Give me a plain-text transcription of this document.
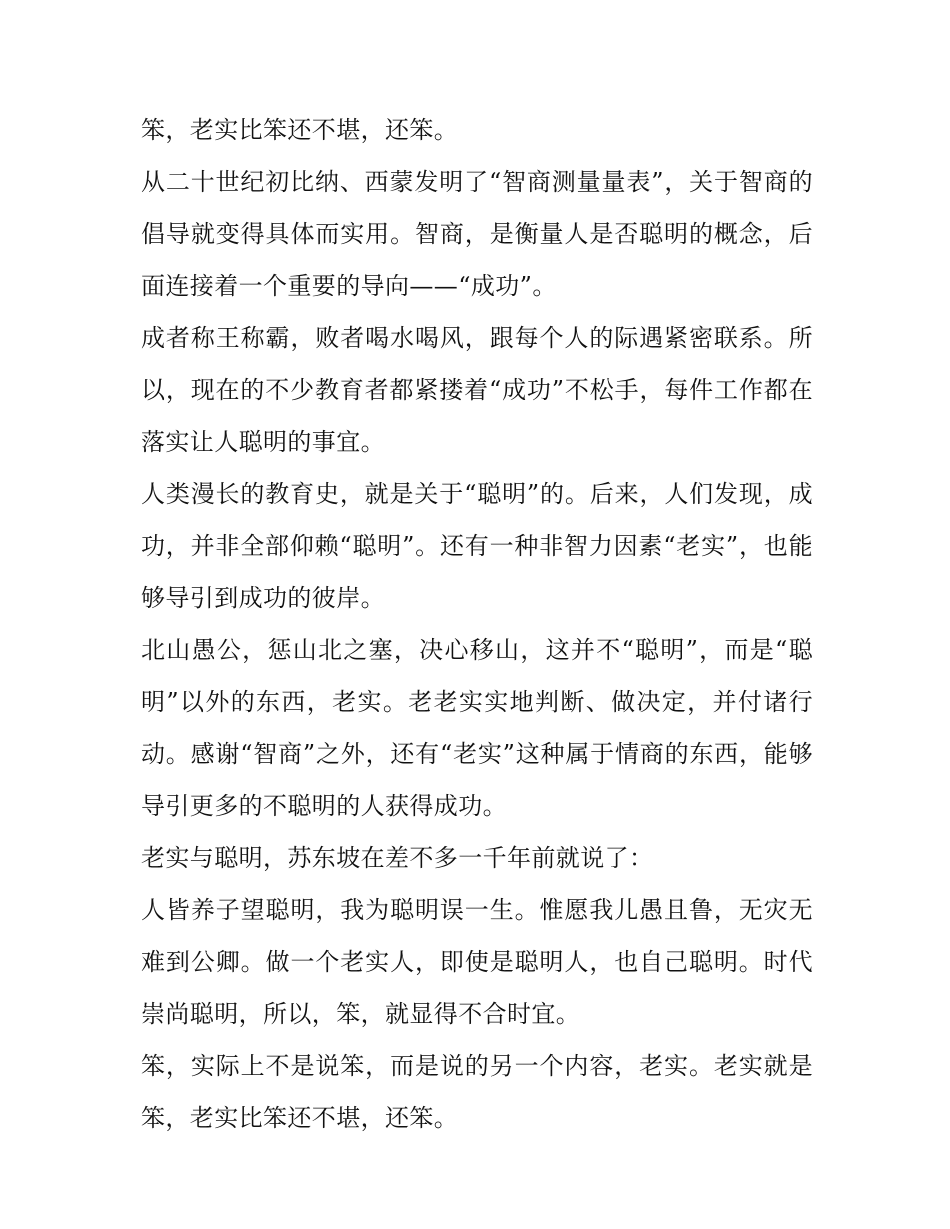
笨，老实比笨还不堪，还笨。

从二十世纪初比纳、西蒙发明了“智商测量量表”，关于智商的倡导就变得具体而实用。智商，是衡量人是否聪明的概念，后面连接着一个重要的导向——“成功”。

成者称王称霸，败者喝水喝风，跟每个人的际遇紧密联系。所以，现在的不少教育者都紧搂着“成功”不松手，每件工作都在落实让人聪明的事宜。

人类漫长的教育史，就是关于“聪明”的。后来，人们发现，成功，并非全部仰赖“聪明”。还有一种非智力因素“老实”，也能够导引到成功的彼岸。

北山愚公，惩山北之塞，决心移山，这并不“聪明”，而是“聪明”以外的东西，老实。老老实实地判断、做决定，并付诸行动。感谢“智商”之外，还有“老实”这种属于情商的东西，能够导引更多的不聪明的人获得成功。

老实与聪明，苏东坡在差不多一千年前就说了：

人皆养子望聪明，我为聪明误一生。惟愿我儿愚且鲁，无灾无难到公卿。做一个老实人，即使是聪明人，也自己聪明。时代崇尚聪明，所以，笨，就显得不合时宜。

笨，实际上不是说笨，而是说的另一个内容，老实。老实就是笨，老实比笨还不堪，还笨。
